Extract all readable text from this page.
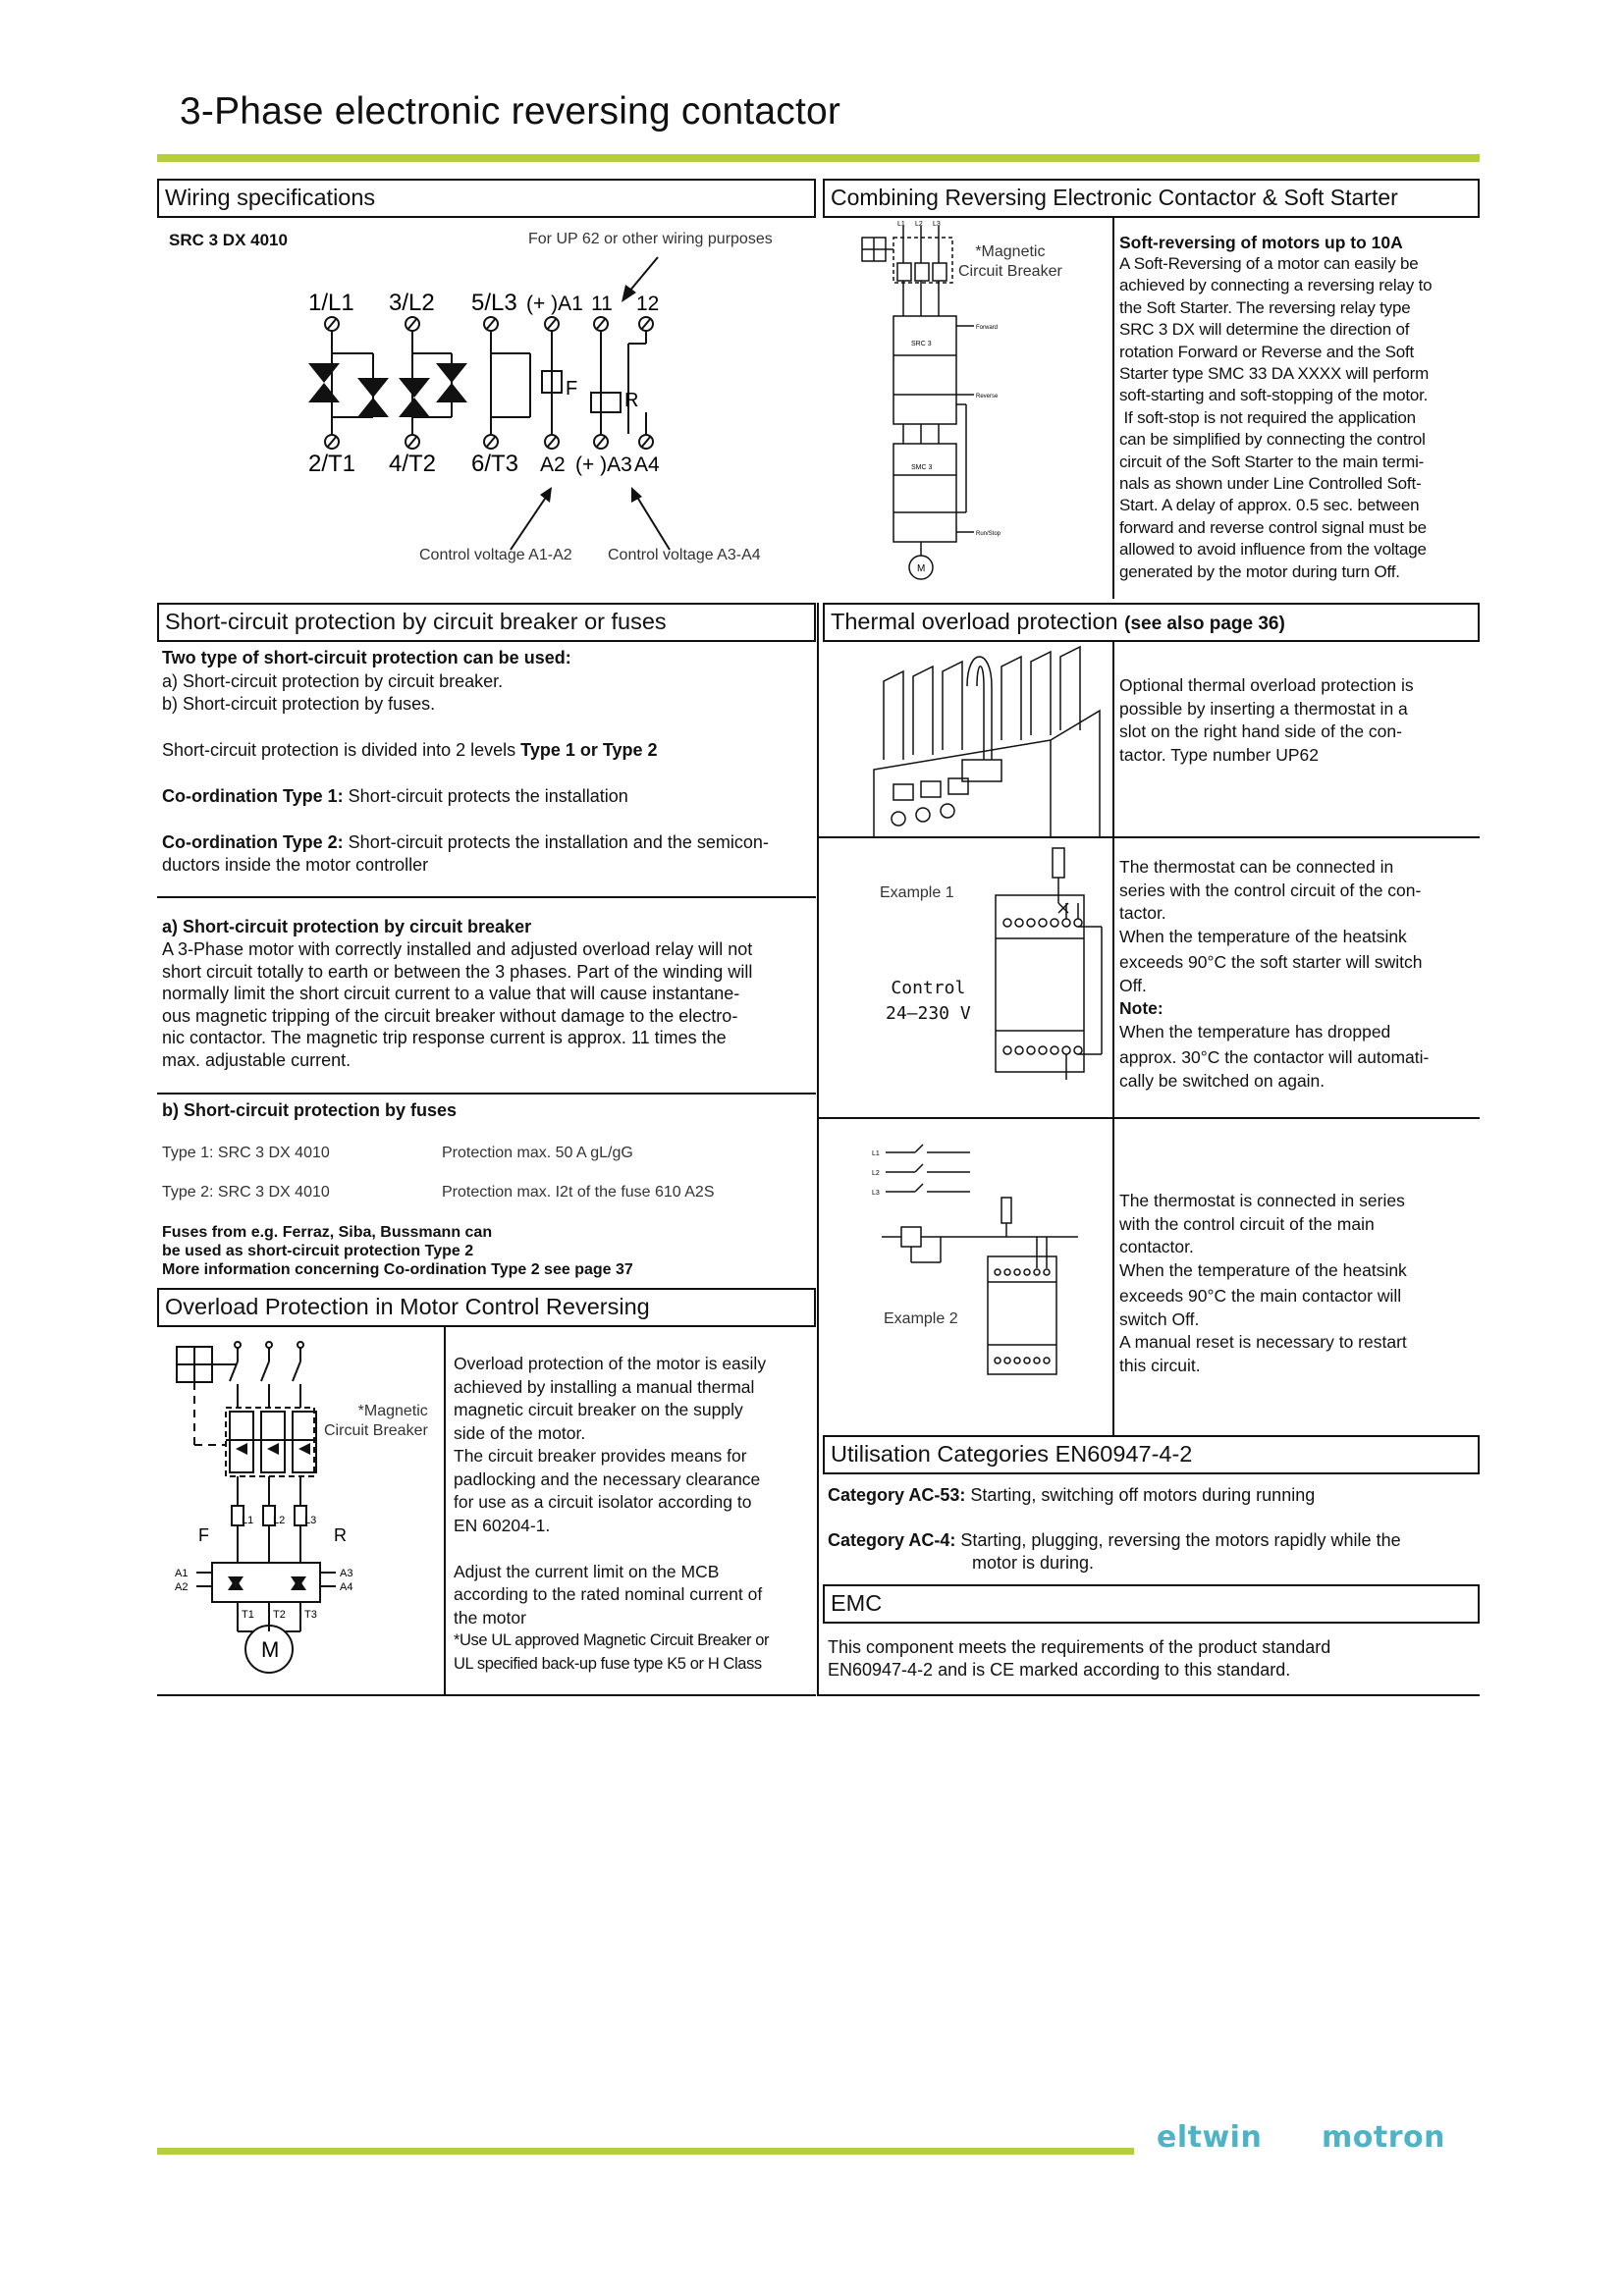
3-Phase electronic reversing contactor
Wiring specifications
SRC 3 DX 4010	For UP 62 or other wiring purposes
1/L1 3/L2 5/L3 (+ )A1 11 12
F
R
2/T1 4/T2 6/T3 A2 (+ )A3 A4
Control voltage A1-A2 Control voltage A3-A4
Short-circuit protection by circuit breaker or fuses
Two type of short-circuit protection can be used:
a) Short-circuit protection by circuit breaker.
b) Short-circuit protection by fuses.
Short-circuit protection is divided into 2 levels Type 1 or Type 2
Co-ordination Type 1: Short-circuit protects the installation
Co-ordination Type 2: Short-circuit protects the installation and the semicon-
ductors inside the motor controller
a) Short-circuit protection by circuit breaker
A 3-Phase motor with correctly installed and adjusted overload relay will not
short circuit totally to earth or between the 3 phases. Part of the winding will
normally limit the short circuit current to a value that will cause instantane-
ous magnetic tripping of the circuit breaker without damage to the electro-
nic contactor. The magnetic trip response current is approx. 11 times the
max. adjustable current.
b) Short-circuit protection by fuses
Type 1: SRC 3 DX 4010	Protection max. 50 A gL/gG
Type 2: SRC 3 DX 4010	Protection max. I2t of the fuse 610 A2S
Fuses from e.g. Ferraz, Siba, Bussmann can
be used as short-circuit protection Type 2
More information concerning Co-ordination Type 2 see page 37
Overload Protection in Motor Control Reversing
F	R
L1 L2 L3
A1
A2
A3
A4
T1 T2 T3
M
*Magnetic
Circuit Breaker
Overload protection of the motor is easily
achieved by installing a manual thermal
magnetic circuit breaker on the supply
side of the motor.
The circuit breaker provides means for
padlocking and the necessary clearance
for use as a circuit isolator according to
EN 60204-1.
Adjust the current limit on the MCB
according to the rated nominal current of
the motor
*Use UL approved Magnetic Circuit Breaker or
UL specified back-up fuse type K5 or H Class
Combining Reversing Electronic Contactor & Soft Starter
L1 L2 L3
SRC 3
SMC 3
Forward
Reverse
Run/Stop
M
*Magnetic
Circuit Breaker
Soft-reversing of motors up to 10A
A Soft-Reversing of a motor can easily be
achieved by connecting a reversing relay to
the Soft Starter. The reversing relay type
SRC 3 DX will determine the direction of
rotation Forward or Reverse and the Soft
Starter type SMC 33 DA XXXX will perform
soft-starting and soft-stopping of the motor.
If soft-stop is not required the application
can be simplified by connecting the control
circuit of the Soft Starter to the main termi-
nals as shown under Line Controlled Soft-
Start. A delay of approx. 0.5 sec. between
forward and reverse control signal must be
allowed to avoid influence from the voltage
generated by the motor during turn Off.
Thermal overload protection (see also page 36)
Optional thermal overload protection is
possible by inserting a thermostat in a
slot on the right hand side of the con-
tactor. Type number UP62
Example 1
Control
24–230 V
The thermostat can be connected in
series with the control circuit of the con-
tactor.
When the temperature of the heatsink
exceeds 90°C the soft starter will switch
Off.
Note:
When the temperature has dropped
approx. 30°C the contactor will automati-
cally be switched on again.
L1
L2
L3
Example 2
The thermostat is connected in series
with the control circuit of the main
contactor.
When the temperature of the heatsink
exceeds 90°C the main contactor will
switch Off.
A manual reset is necessary to restart
this circuit.
Utilisation Categories EN60947-4-2
Category AC-53: Starting, switching off motors during running
Category AC-4: Starting, plugging, reversing the motors rapidly while the
motor is during.
EMC
This component meets the requirements of the product standard
EN60947-4-2 and is CE marked according to this standard.
eltwin motron
